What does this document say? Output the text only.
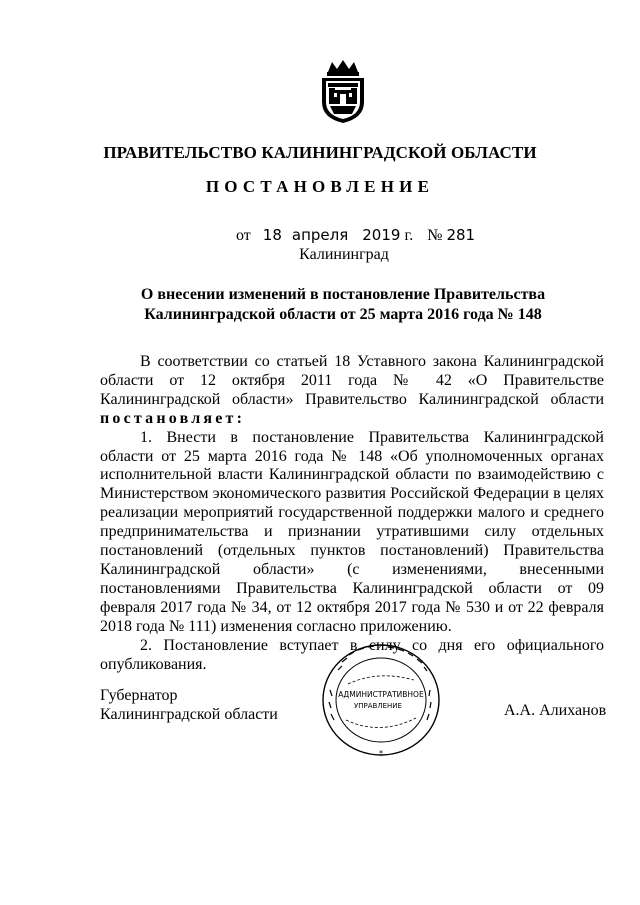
ПРАВИТЕЛЬСТВО КАЛИНИНГРАДСКОЙ ОБЛАСТИ
ПОСТАНОВЛЕНИЕ
от 18 апреля 2019 г. № 281
Калининград
О внесении изменений в постановление Правительства
Калининградской области от 25 марта 2016 года № 148

В соответствии со статьей 18 Уставного закона Калининградской области от 12 октября 2011 года № 42 «О Правительстве Калининградской области» Правительство Калининградской области постановляет:

1. Внести в постановление Правительства Калининградской области от 25 марта 2016 года № 148 «Об уполномоченных органах исполнительной власти Калининградской области по взаимодействию с Министерством экономического развития Российской Федерации в целях реализации мероприятий государственной поддержки малого и среднего предпринимательства и признании утратившими силу отдельных постановлений (отдельных пунктов постановлений) Правительства Калининградской области» (с изменениями, внесенными постановлениями Правительства Калининградской области от 09 февраля 2017 года № 34, от 12 октября 2017 года № 530 и от 22 февраля 2018 года № 111) изменения согласно приложению.

2. Постановление вступает в силу со дня его официального опубликования.

Губернатор
Калининградской области
АДМИНИСТРАТИВНОЕ
УПРАВЛЕНИЕ
*
А.А. Алиханов
